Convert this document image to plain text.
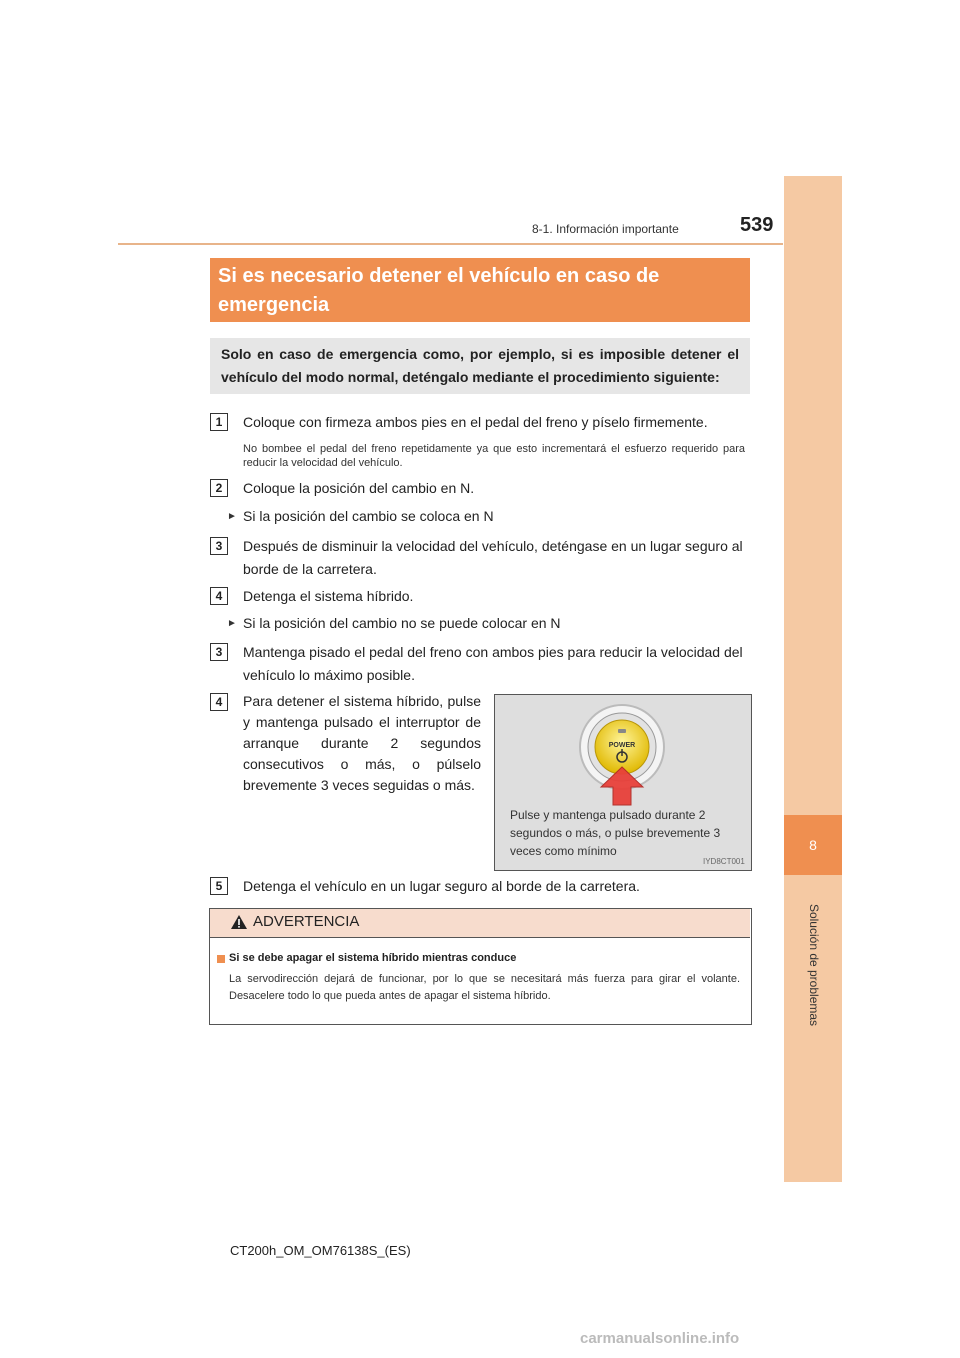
8
Solución de problemas
8-1. Información importante	539
Si es necesario detener el vehículo en caso de emergencia
Solo en caso de emergencia como, por ejemplo, si es imposible detener el vehículo del modo normal, deténgalo mediante el procedimiento siguiente:
1	Coloque con firmeza ambos pies en el pedal del freno y píselo firmemente.
No bombee el pedal del freno repetidamente ya que esto incrementará el esfuerzo requerido para reducir la velocidad del vehículo.
2	Coloque la posición del cambio en N.
► Si la posición del cambio se coloca en N
3	Después de disminuir la velocidad del vehículo, deténgase en un lugar seguro al borde de la carretera.
4	Detenga el sistema híbrido.
► Si la posición del cambio no se puede colocar en N
3	Mantenga pisado el pedal del freno con ambos pies para reducir la velocidad del vehículo lo máximo posible.
4	Para detener el sistema híbrido, pulse y mantenga pulsado el interruptor de arranque durante 2 segundos consecutivos o más, o púlselo brevemente 3 veces seguidas o más.
POWER
Pulse y mantenga pulsado durante 2 segundos o más, o pulse brevemente 3 veces como mínimo
IYD8CT001
5	Detenga el vehículo en un lugar seguro al borde de la carretera.
ADVERTENCIA
Si se debe apagar el sistema híbrido mientras conduce
La servodirección dejará de funcionar, por lo que se necesitará más fuerza para girar el volante. Desacelere todo lo que pueda antes de apagar el sistema híbrido.
CT200h_OM_OM76138S_(ES)
carmanualsonline.info
